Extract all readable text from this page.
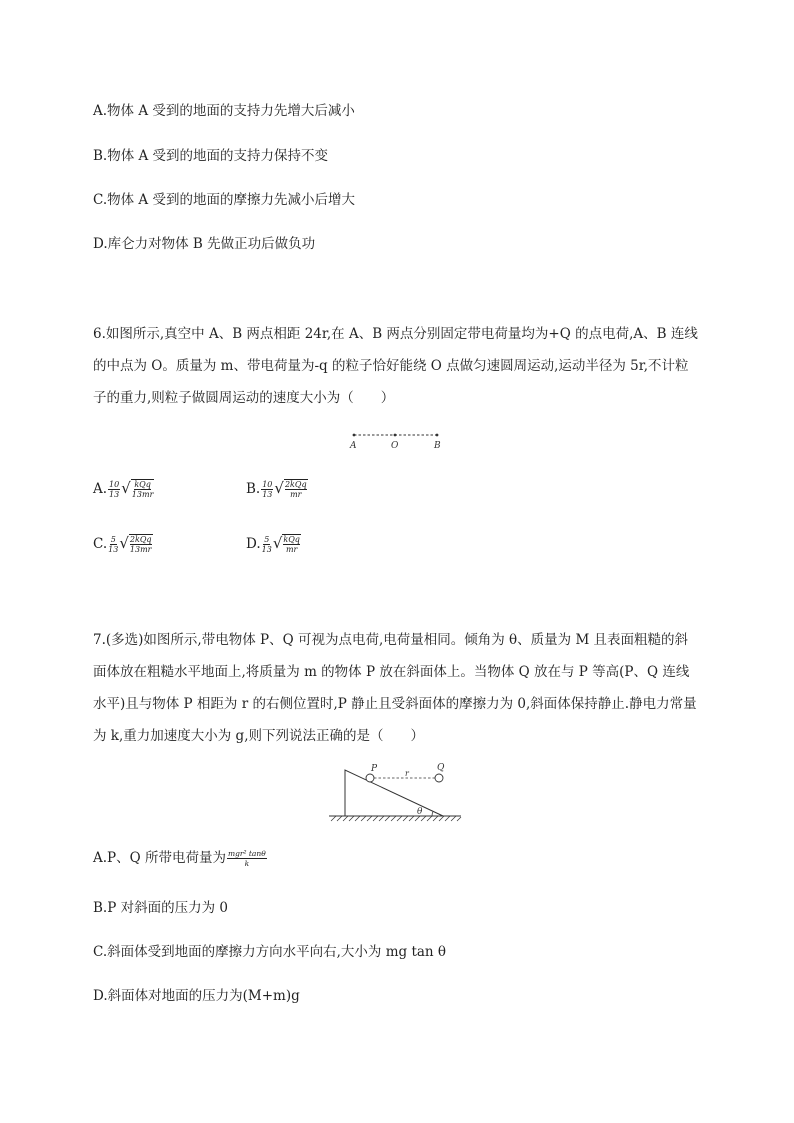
A.物体 A 受到的地面的支持力先增大后减小
B.物体 A 受到的地面的支持力保持不变
C.物体 A 受到的地面的摩擦力先减小后增大
D.库仑力对物体 B 先做正功后做负功
6.如图所示,真空中 A、B 两点相距 24r,在 A、B 两点分别固定带电荷量均为+Q 的点电荷,A、B 连线
的中点为 O。质量为 m、带电荷量为-q 的粒子恰好能绕 O 点做匀速圆周运动,运动半径为 5r,不计粒
子的重力,则粒子做圆周运动的速度大小为（　　）
A	O	B
A. $\frac{10}{13}$ √ kQq
13mr	B. $\frac{10}{13}$ √ 2kQq
mr
C. $\frac{5}{13}$ √ 2kQq
13mr	D. $\frac{5}{13}$ √ kQq
mr
7.(多选)如图所示,带电物体 P、Q 可视为点电荷,电荷量相同。倾角为 θ、质量为 M 且表面粗糙的斜
面体放在粗糙水平地面上,将质量为 m 的物体 P 放在斜面体上。当物体 Q 放在与 P 等高(P、Q 连线
水平)且与物体 P 相距为 r 的右侧位置时,P 静止且受斜面体的摩擦力为 0,斜面体保持静止.静电力常量
为 k,重力加速度大小为 g,则下列说法正确的是（　　）
P	Q
r
θ
A.P、Q 所带电荷量为 $\frac{\text{mgr² tanθ}}{k}$
B.P 对斜面的压力为 0
C.斜面体受到地面的摩擦力方向水平向右,大小为 mg tan θ
D.斜面体对地面的压力为(M+m)g
